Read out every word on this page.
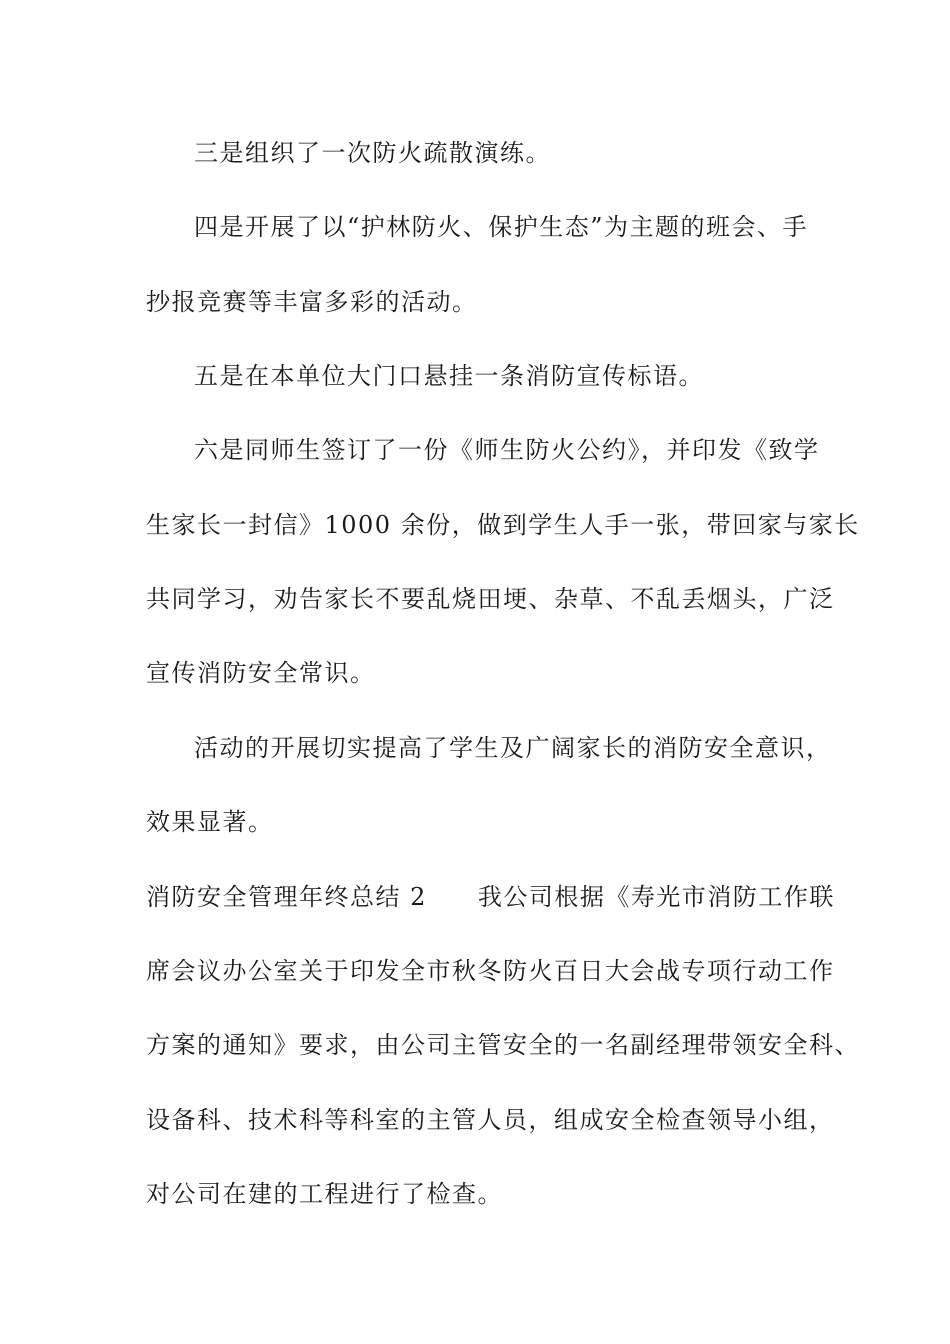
三是组织了一次防火疏散演练。

四是开展了以“护林防火、保护生态”为主题的班会、手

抄报竞赛等丰富多彩的活动。

五是在本单位大门口悬挂一条消防宣传标语。

六是同师生签订了一份《师生防火公约》，并印发《致学

生家长一封信》1000 余份，做到学生人手一张，带回家与家长

共同学习，劝告家长不要乱烧田埂、杂草、不乱丢烟头，广泛

宣传消防安全常识。

活动的开展切实提高了学生及广阔家长的消防安全意识，

效果显著。

消防安全管理年终总结 2　　我公司根据《寿光市消防工作联

席会议办公室关于印发全市秋冬防火百日大会战专项行动工作

方案的通知》要求，由公司主管安全的一名副经理带领安全科、

设备科、技术科等科室的主管人员，组成安全检查领导小组，

对公司在建的工程进行了检查。
